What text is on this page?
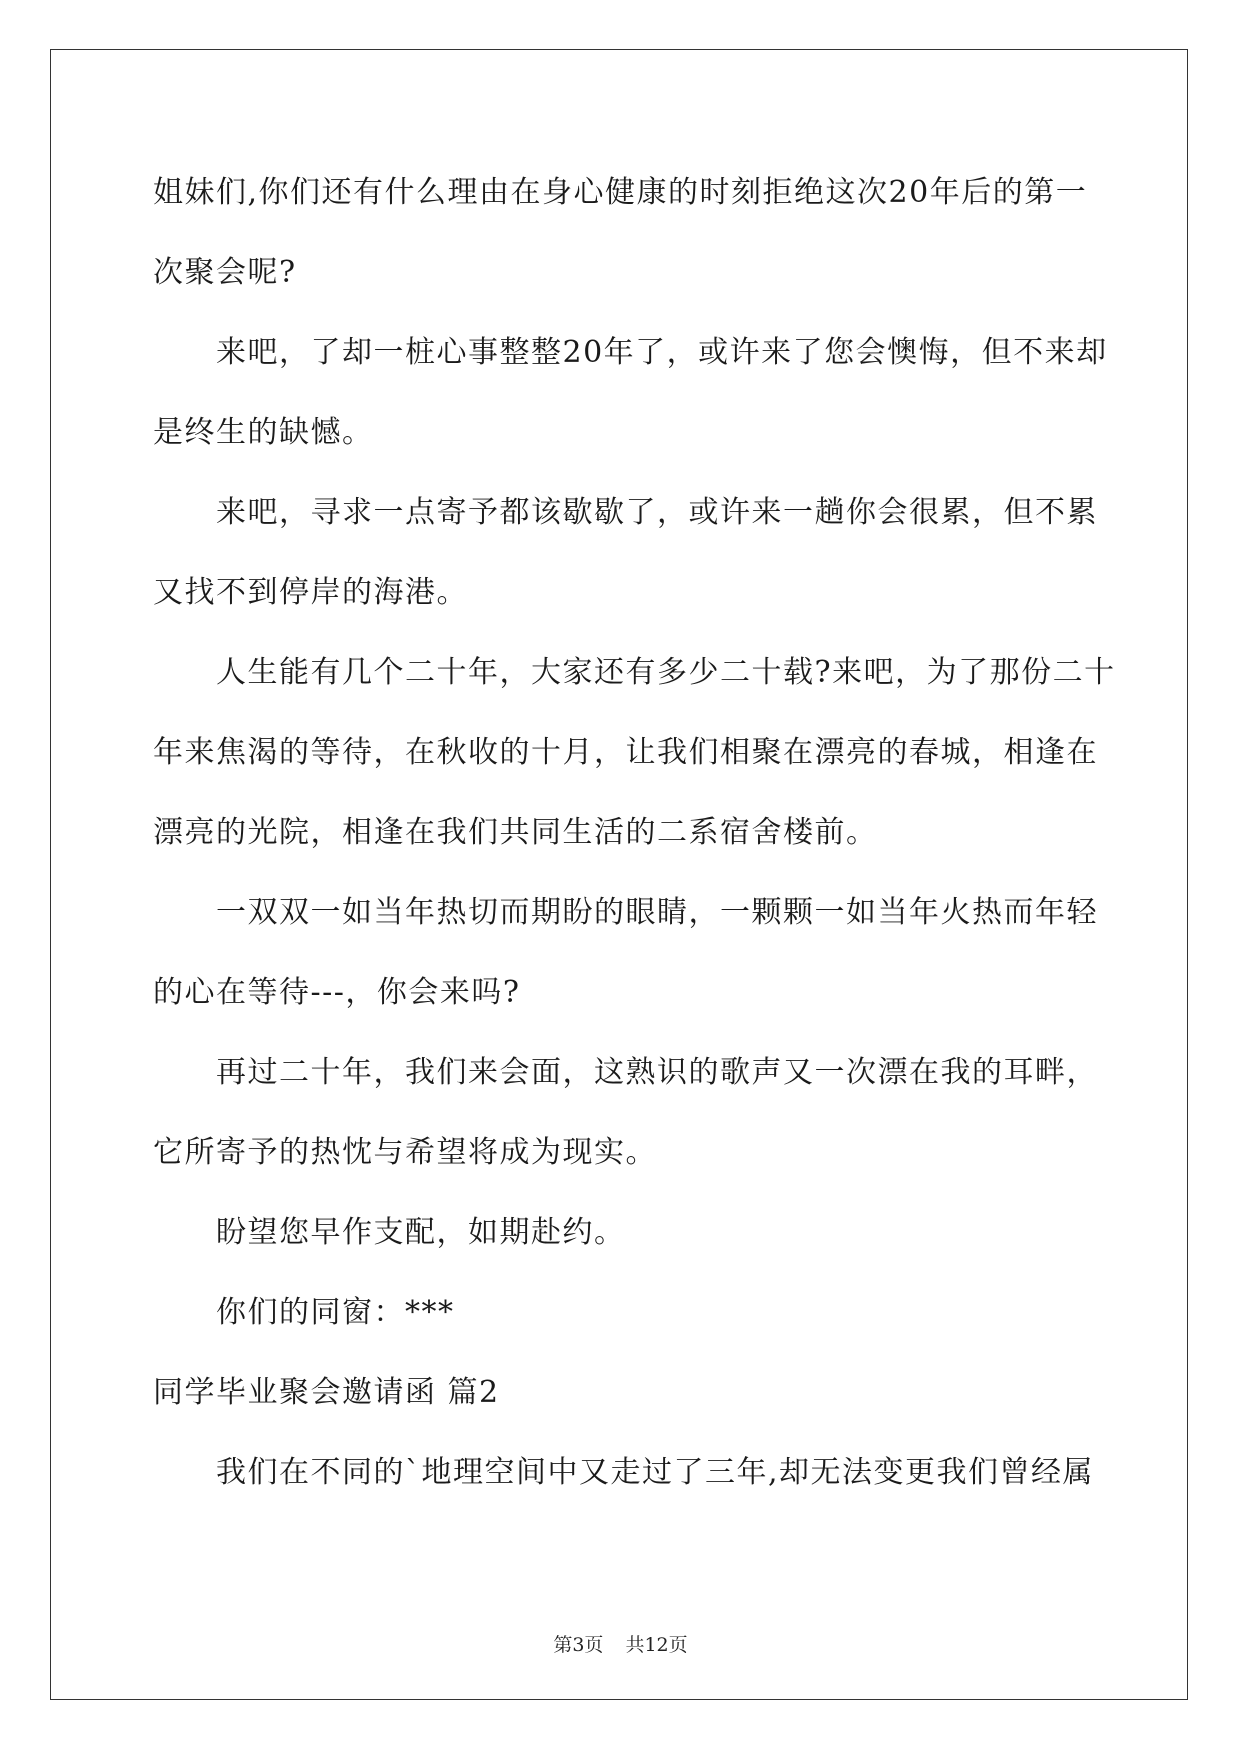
姐妹们,你们还有什么理由在身心健康的时刻拒绝这次20年后的第一

次聚会呢?

来吧，了却一桩心事整整20年了，或许来了您会懊悔，但不来却

是终生的缺憾。

来吧，寻求一点寄予都该歇歇了，或许来一趟你会很累，但不累

又找不到停岸的海港。

人生能有几个二十年，大家还有多少二十载?来吧，为了那份二十

年来焦渴的等待，在秋收的十月，让我们相聚在漂亮的春城，相逢在

漂亮的光院，相逢在我们共同生活的二系宿舍楼前。

一双双一如当年热切而期盼的眼睛，一颗颗一如当年火热而年轻

的心在等待---，你会来吗?

再过二十年，我们来会面，这熟识的歌声又一次漂在我的耳畔，

它所寄予的热忱与希望将成为现实。

盼望您早作支配，如期赴约。

你们的同窗：***

同学毕业聚会邀请函 篇2

我们在不同的`地理空间中又走过了三年,却无法变更我们曾经属

第3页 共12页
